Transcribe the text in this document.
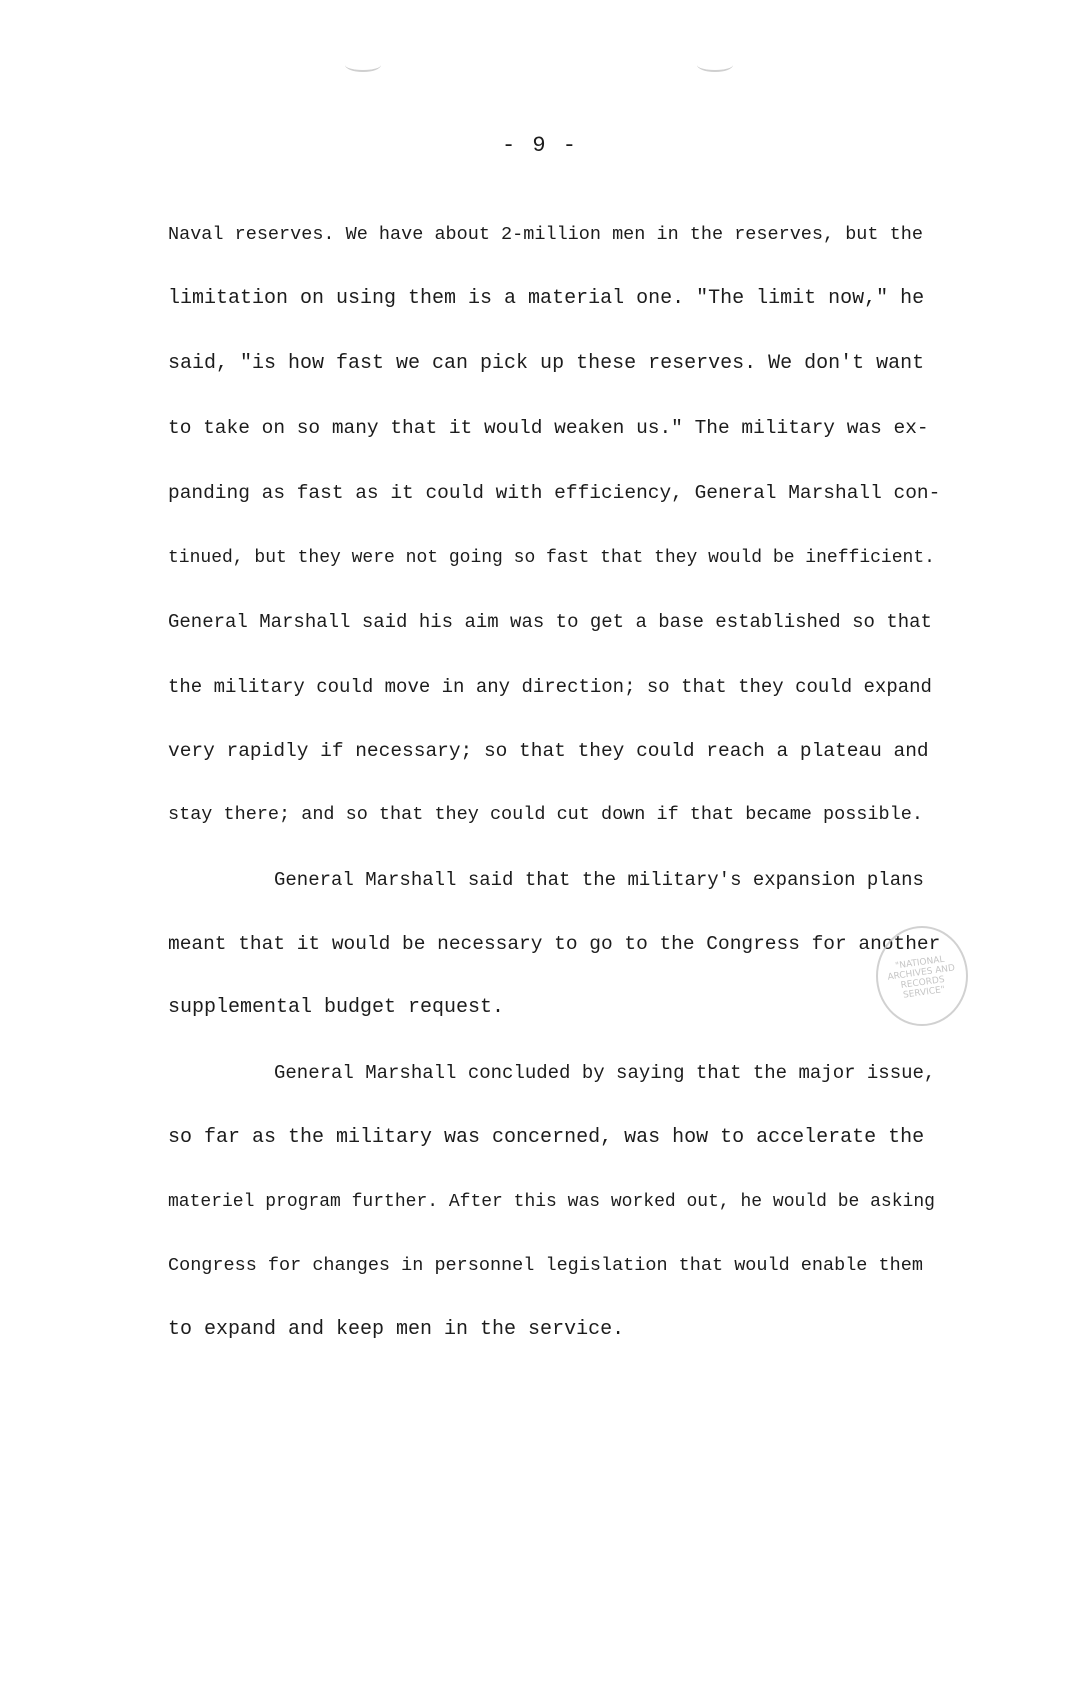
- 9 -
Naval reserves. We have about 2-million men in the reserves, but the
limitation on using them is a material one. "The limit now," he
said, "is how fast we can pick up these reserves. We don't want
to take on so many that it would weaken us." The military was ex-
panding as fast as it could with efficiency, General Marshall con-
tinued, but they were not going so fast that they would be inefficient.
General Marshall said his aim was to get a base established so that
the military could move in any direction; so that they could expand
very rapidly if necessary; so that they could reach a plateau and
stay there; and so that they could cut down if that became possible.
General Marshall said that the military's expansion plans
meant that it would be necessary to go to the Congress for another
supplemental budget request.
General Marshall concluded by saying that the major issue,
so far as the military was concerned, was how to accelerate the
materiel program further. After this was worked out, he would be asking
Congress for changes in personnel legislation that would enable them
to expand and keep men in the service.
"NATIONAL ARCHIVES AND RECORDS SERVICE"
